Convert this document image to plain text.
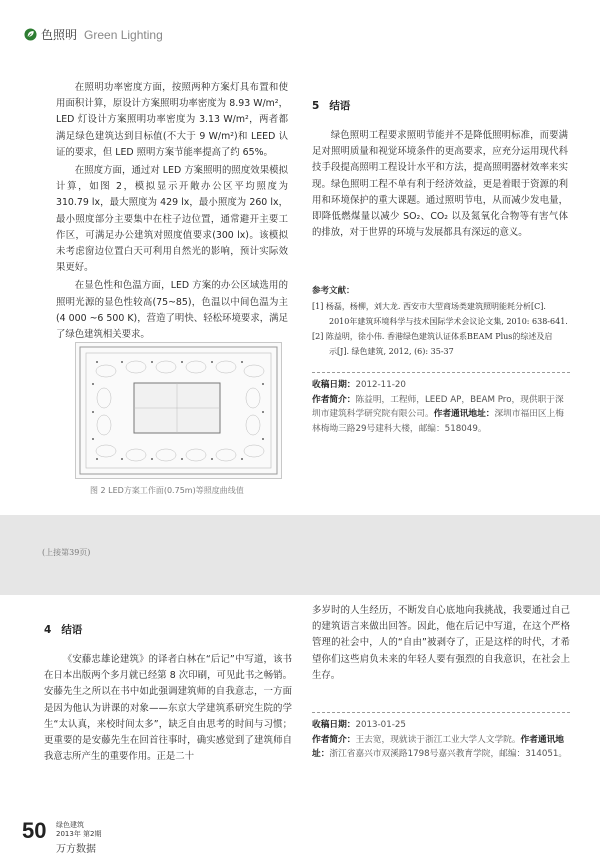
色照明 Green Lighting

在照明功率密度方面，按照两种方案灯具布置和使用面积计算，原设计方案照明功率密度为 8.93 W/m²，LED 灯设计方案照明功率密度为 3.13 W/m²，两者都满足绿色建筑达到目标值(不大于 9 W/m²)和 LEED 认证的要求，但 LED 照明方案节能率提高了约 65%。

在照度方面，通过对 LED 方案照明的照度效果模拟计算，如图 2，模拟显示开敞办公区平均照度为 310.79 lx，最大照度为 429 lx，最小照度为 260 lx，最小照度部分主要集中在柱子边位置，通常避开主要工作区，可满足办公建筑对照度值要求(300 lx)。该模拟未考虑窗边位置白天可利用自然光的影响，预计实际效果更好。

在显色性和色温方面，LED 方案的办公区域选用的照明光源的显色性较高(75~85)，色温以中间色温为主(4 000 ~6 500 K)，营造了明快、轻松环境要求，满足了绿色建筑相关要求。

图 2 LED方案工作面(0.75m)等照度曲线值
5 结语

绿色照明工程要求照明节能并不是降低照明标准，而要满足对照明质量和视觉环境条件的更高要求，应充分运用现代科技手段提高照明工程设计水平和方法，提高照明器材效率来实现。绿色照明工程不单有利于经济效益，更是着眼于资源的利用和环境保护的重大课题。通过照明节电，从而减少发电量，即降低燃煤量以减少 SO₂、CO₂ 以及氮氧化合物等有害气体的排放，对于世界的环境与发展都具有深远的意义。

参考文献：
[1] 杨磊，杨柳，刘大龙. 西安市大型商场类建筑照明能耗分析[C].
2010年建筑环境科学与技术国际学术会议论文集, 2010: 638-641.
[2] 陈益明，徐小伟. 香港绿色建筑认证体系BEAM Plus的综述及启
示[J]. 绿色建筑, 2012, (6): 35-37

收稿日期：2012-11-20

作者简介：陈益明，工程师，LEED AP，BEAM Pro，现供职于深圳市建筑科学研究院有限公司。作者通讯地址：深圳市福田区上梅林梅坳三路29号建科大楼，邮编：518049。

(上接第39页)
4 结语

《安藤忠雄论建筑》的译者白林在“后记”中写道，该书在日本出版两个多月就已经第 8 次印刷，可见此书之畅销。安藤先生之所以在书中如此强调建筑师的自我意志，一方面是因为他认为讲课的对象——东京大学建筑系研究生院的学生“太认真，来校时间太多”，缺乏自由思考的时间与习惯；更重要的是安藤先生在回首往事时，确实感觉到了建筑师自我意志所产生的重要作用。正是二十

多岁时的人生经历，不断发自心底地向我挑战，我要通过自己的建筑语言来做出回答。因此，他在后记中写道，在这个严格管理的社会中，人的“自由”被剥夺了，正是这样的时代，才希望你们这些肩负未来的年轻人要有强烈的自我意识，在社会上生存。

收稿日期：2013-01-25

作者简介：王去宽，现就读于浙江工业大学人文学院。作者通讯地址：浙江省嘉兴市双溪路1798号嘉兴教育学院，邮编：314051。

50 绿色建筑
2013年 第2期
万方数据
